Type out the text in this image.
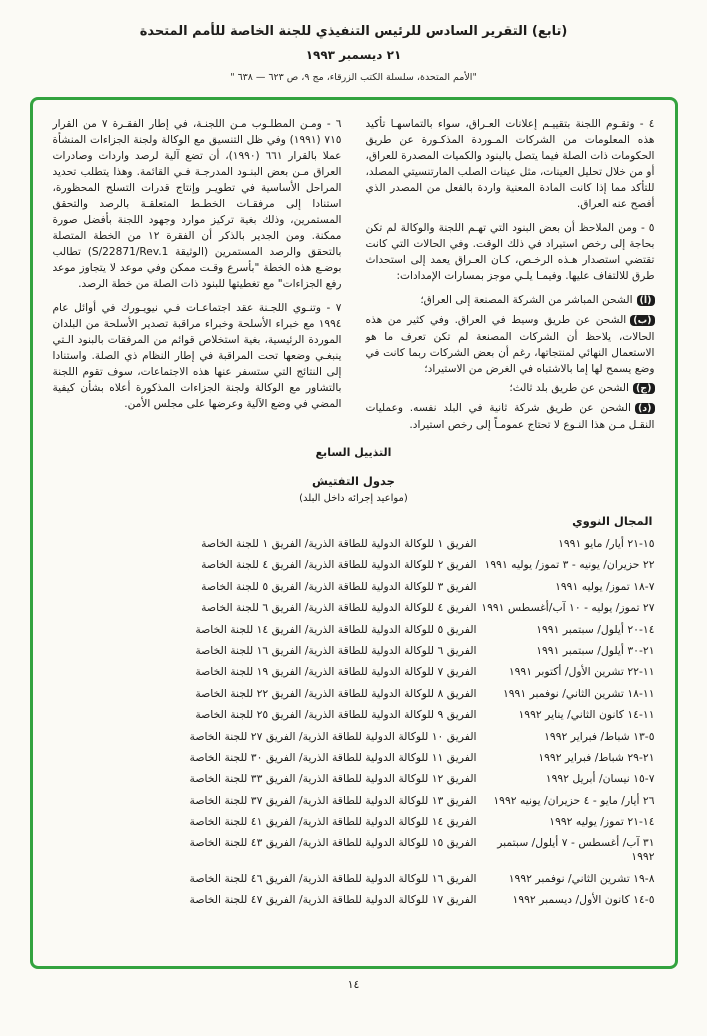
(تابع) التقرير السادس للرئيس التنفيذي للجنة الخاصة للأمم المتحدة
٢١ ديسمبر ١٩٩٣
"الأمم المتحدة، سلسلة الكتب الزرقاء، مج ٩، ص ٦٢٣ — ٦٣٨ "

٤ - وتقـوم اللجنة بتقييـم إعلانات العـراق، سواء بالتماسهـا تأكيد هذه المعلومات من الشركات المـوردة المذكـورة عن طريق الحكومات ذات الصلة فيما يتصل بالبنود والكميات المصدرة للعراق، أو من خلال تحليل العينات، مثل عينات الصلب المارتنسيتي المصلد، للتأكد مما إذا كانت المادة المعنية واردة بالفعل من المصدر الذي أفصح عنه العراق.

٥ - ومن الملاحظ أن بعض البنود التي تهـم اللجنة والوكالة لم تكن بحاجة إلى رخص استيراد في ذلك الوقت. وفي الحالات التي كانت تقتضي استصدار هـذه الرخـص، كـان العـراق يعمد إلى استحداث طرق للالتفاف عليها. وفيمـا يلـي موجز بمسارات الإمدادات:

(أ)الشحن المباشر من الشركة المصنعة إلى العراق؛
(ب)الشحن عن طريق وسيط في العراق. وفي كثير من هذه الحالات، يلاحظ أن الشركات المصنعة لم تكن تعرف ما هو الاستعمال النهائي لمنتجاتها، رغم أن بعض الشركات ربما كانت في وضع يسمح لها إما بالاشتباه في الغرض من الاستيراد؛
(ج)الشحن عن طريق بلد ثالث؛
(د)الشحن عن طريق شركة ثانية في البلد نفسه. وعمليات النقـل مـن هذا النـوع لا تحتاج عمومـاً إلى رخص استيراد.

٦ - ومـن المطلـوب مـن اللجنـة، في إطار الفقـرة ٧ من القرار ٧١٥ (١٩٩١) وفي ظل التنسيق مع الوكالة ولجنة الجزاءات المنشأة عملا بالقرار ٦٦١ (١٩٩٠)، أن تضع آلية لرصد واردات وصادرات العراق مـن بعض البنـود المدرجـة فـي القائمة. وهذا يتطلب تحديد المراحل الأساسية في تطويـر وإنتاج قدرات التسلح المحظورة، استنادا إلى مرفقـات الخطـط المتعلقـة بالرصد والتحقق المستمرين، وذلك بغية تركيز موارد وجهود اللجنة بأفضل صورة ممكنة. ومن الجدير بالذكر أن الفقرة ١٢ من الخطة المتصلة بالتحقق والرصد المستمرين (الوثيقة S/22871/Rev.1) تطالب بوضـع هذه الخطة "بأسرع وقـت ممكن وفي موعد لا يتجاوز موعد رفع الجزاءات" مع تغطيتها للبنود ذات الصلة من خطة الرصد.

٧ - وتنـوي اللجـنة عقد اجتماعـات فـي نيويـورك في أوائل عام ١٩٩٤ مع خبراء الأسلحة وخبراء مراقبة تصدير الأسلحة من البلدان الموردة الرئيسية، بغية استخلاص قوائم من المرفقات بالبنود الـتي ينبغـي وضعها تحت المراقبة في إطار النظام ذي الصلة. واستنادا إلى النتائج التي ستسفر عنها هذه الاجتماعات، سوف تقوم اللجنة بالتشاور مع الوكالة ولجنة الجزاءات المذكورة أعلاه بشأن كيفية المضي في وضع الآلية وعرضها على مجلس الأمن.

التذييل السابع
جدول التفتيش
(مواعيد إجرائه داخل البلد)
المجال النووي
١٥-٢١ أيار/ مايو ١٩٩١
الفريق ١ للوكالة الدولية للطاقة الذرية/ الفريق ١ للجنة الخاصة
٢٢ حزيران/ يونيه - ٣ تموز/ يوليه ١٩٩١
الفريق ٢ للوكالة الدولية للطاقة الذرية/ الفريق ٤ للجنة الخاصة
٧-١٨ تموز/ يوليه ١٩٩١
الفريق ٣ للوكالة الدولية للطاقة الذرية/ الفريق ٥ للجنة الخاصة
٢٧ تموز/ يوليه - ١٠ آب/أغسطس ١٩٩١
الفريق ٤ للوكالة الدولية للطاقة الذرية/ الفريق ٦ للجنة الخاصة
١٤-٢٠ أيلول/ سبتمبر ١٩٩١
الفريق ٥ للوكالة الدولية للطاقة الذرية/ الفريق ١٤ للجنة الخاصة
٢١-٣٠ أيلول/ سبتمبر ١٩٩١
الفريق ٦ للوكالة الدولية للطاقة الذرية/ الفريق ١٦ للجنة الخاصة
١١-٢٢ تشرين الأول/ أكتوبر ١٩٩١
الفريق ٧ للوكالة الدولية للطاقة الذرية/ الفريق ١٩ للجنة الخاصة
١١-١٨ تشرين الثاني/ نوفمبر ١٩٩١
الفريق ٨ للوكالة الدولية للطاقة الذرية/ الفريق ٢٢ للجنة الخاصة
١١-١٤ كانون الثاني/ يناير ١٩٩٢
الفريق ٩ للوكالة الدولية للطاقة الذرية/ الفريق ٢٥ للجنة الخاصة
٥-١٣ شباط/ فبراير ١٩٩٢
الفريق ١٠ للوكالة الدولية للطاقة الذرية/ الفريق ٢٧ للجنة الخاصة
٢١-٢٩ شباط/ فبراير ١٩٩٢
الفريق ١١ للوكالة الدولية للطاقة الذرية/ الفريق ٣٠ للجنة الخاصة
٧-١٥ نيسان/ أبريل ١٩٩٢
الفريق ١٢ للوكالة الدولية للطاقة الذرية/ الفريق ٣٣ للجنة الخاصة
٢٦ أيار/ مايو - ٤ حزيران/ يونيه ١٩٩٢
الفريق ١٣ للوكالة الدولية للطاقة الذرية/ الفريق ٣٧ للجنة الخاصة
١٤-٢١ تموز/ يوليه ١٩٩٢
الفريق ١٤ للوكالة الدولية للطاقة الذرية/ الفريق ٤١ للجنة الخاصة
٣١ آب/ أغسطس - ٧ أيلول/ سبتمبر ١٩٩٢
الفريق ١٥ للوكالة الدولية للطاقة الذرية/ الفريق ٤٣ للجنة الخاصة
٨-١٩ تشرين الثاني/ نوفمبر ١٩٩٢
الفريق ١٦ للوكالة الدولية للطاقة الذرية/ الفريق ٤٦ للجنة الخاصة
٥-١٤ كانون الأول/ ديسمبر ١٩٩٢
الفريق ١٧ للوكالة الدولية للطاقة الذرية/ الفريق ٤٧ للجنة الخاصة
١٤
